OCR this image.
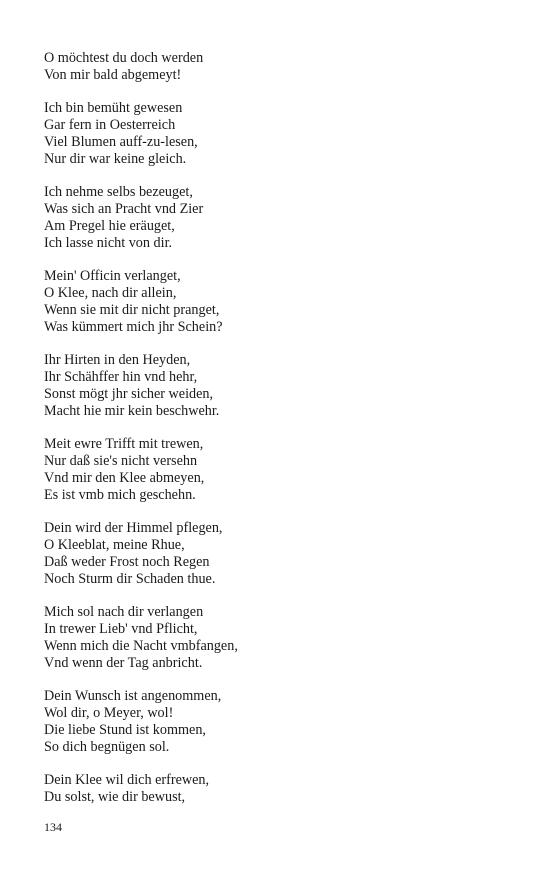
O möchtest du doch werden
Von mir bald abgemeyt!
Ich bin bemüht gewesen
Gar fern in Oesterreich
Viel Blumen auff-zu-lesen,
Nur dir war keine gleich.
Ich nehme selbs bezeuget,
Was sich an Pracht vnd Zier
Am Pregel hie eräuget,
Ich lasse nicht von dir.
Mein' Officin verlanget,
O Klee, nach dir allein,
Wenn sie mit dir nicht pranget,
Was kümmert mich jhr Schein?
Ihr Hirten in den Heyden,
Ihr Schähffer hin vnd hehr,
Sonst mögt jhr sicher weiden,
Macht hie mir kein beschwehr.
Meit ewre Trifft mit trewen,
Nur daß sie's nicht versehn
Vnd mir den Klee abmeyen,
Es ist vmb mich geschehn.
Dein wird der Himmel pflegen,
O Kleeblat, meine Rhue,
Daß weder Frost noch Regen
Noch Sturm dir Schaden thue.
Mich sol nach dir verlangen
In trewer Lieb' vnd Pflicht,
Wenn mich die Nacht vmbfangen,
Vnd wenn der Tag anbricht.
Dein Wunsch ist angenommen,
Wol dir, o Meyer, wol!
Die liebe Stund ist kommen,
So dich begnügen sol.
Dein Klee wil dich erfrewen,
Du solst, wie dir bewust,
134
